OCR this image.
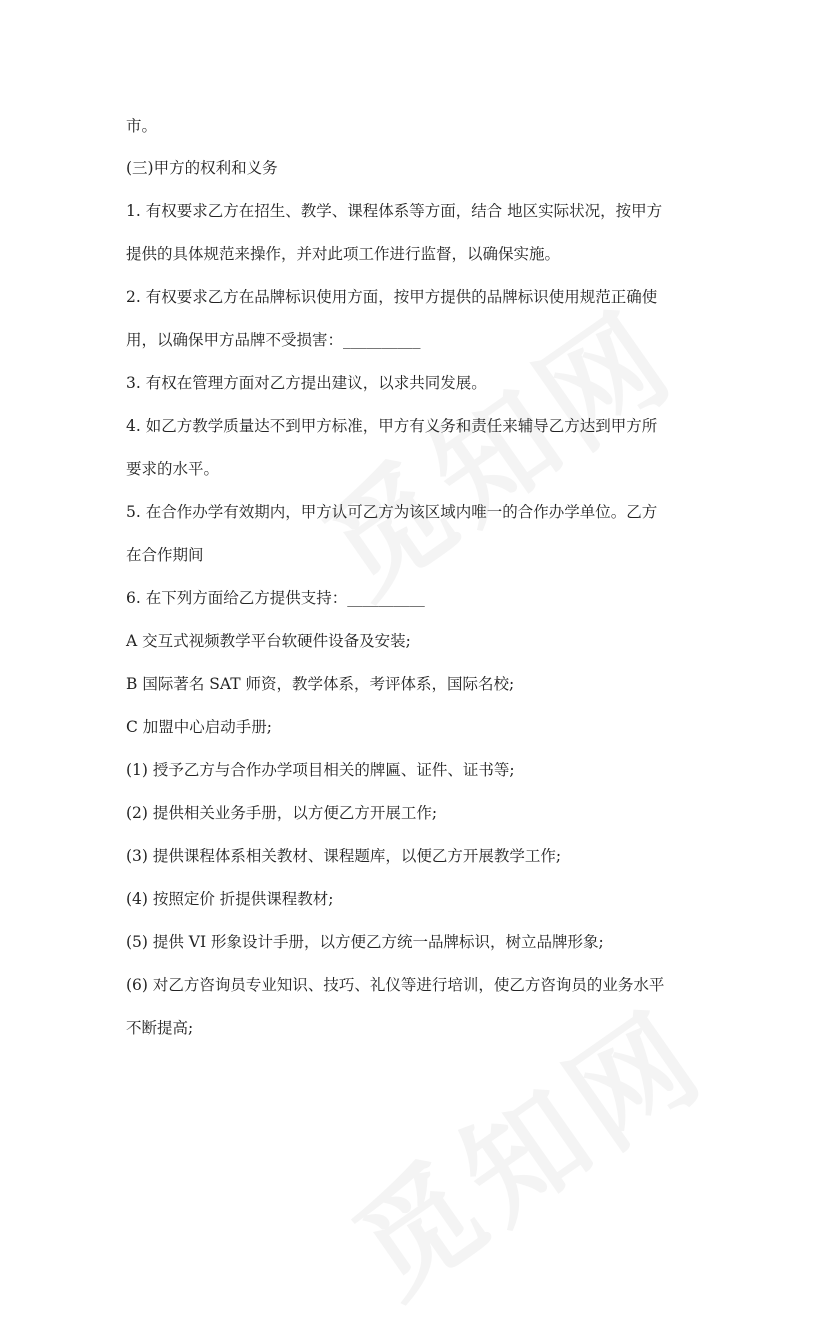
市。
(三)甲方的权利和义务
1. 有权要求乙方在招生、教学、课程体系等方面，结合 地区实际状况，按甲方
提供的具体规范来操作，并对此项工作进行监督，以确保实施。
2. 有权要求乙方在品牌标识使用方面，按甲方提供的品牌标识使用规范正确使
用，以确保甲方品牌不受损害：__________
3. 有权在管理方面对乙方提出建议，以求共同发展。
4. 如乙方教学质量达不到甲方标准，甲方有义务和责任来辅导乙方达到甲方所
要求的水平。
5. 在合作办学有效期内，甲方认可乙方为该区域内唯一的合作办学单位。乙方
在合作期间
6. 在下列方面给乙方提供支持：__________
A 交互式视频教学平台软硬件设备及安装;
B 国际著名 SAT 师资，教学体系，考评体系，国际名校;
C 加盟中心启动手册;
(1) 授予乙方与合作办学项目相关的牌匾、证件、证书等;
(2) 提供相关业务手册，以方便乙方开展工作;
(3) 提供课程体系相关教材、课程题库，以便乙方开展教学工作;
(4) 按照定价 折提供课程教材;
(5) 提供 VI 形象设计手册，以方便乙方统一品牌标识，树立品牌形象;
(6) 对乙方咨询员专业知识、技巧、礼仪等进行培训，使乙方咨询员的业务水平
不断提高;
